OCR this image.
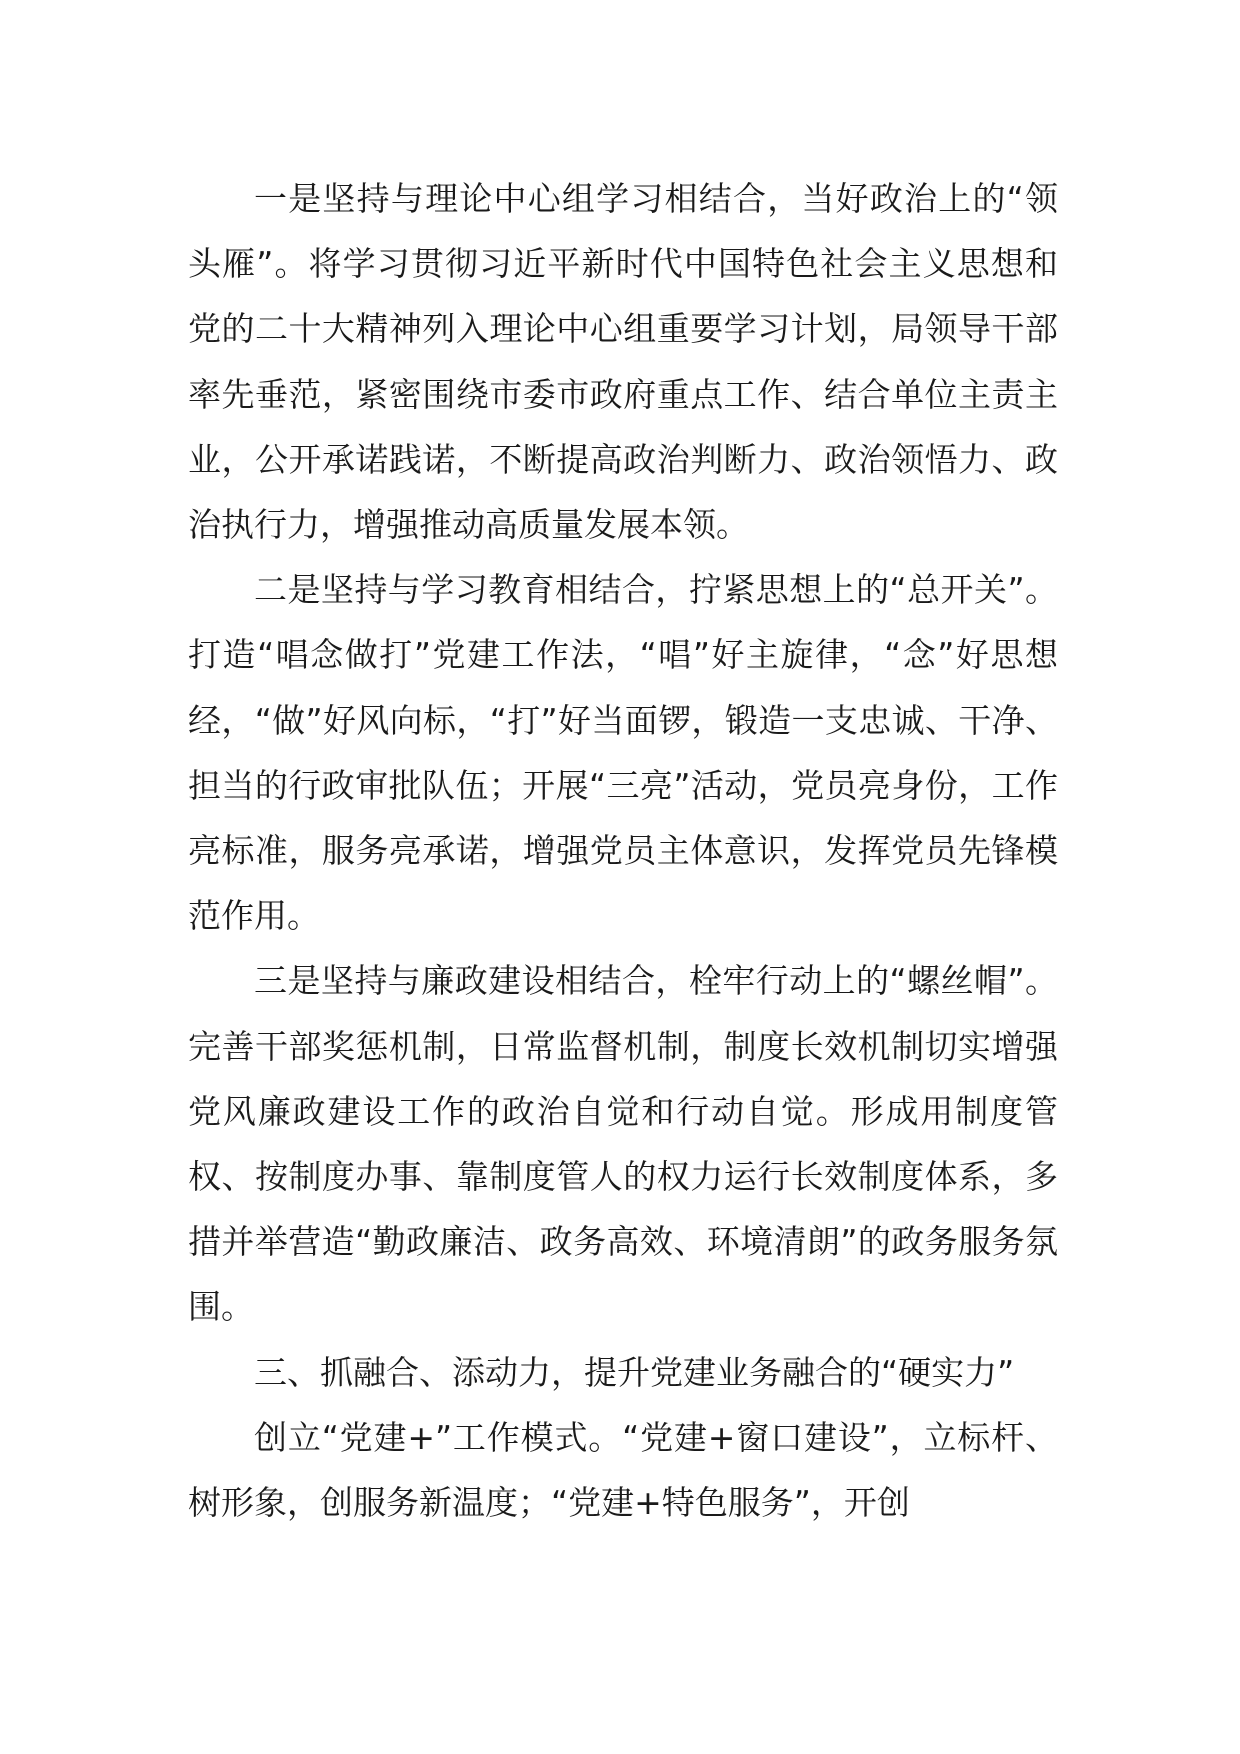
一是坚持与理论中心组学习相结合，当好政治上的“领头雁”。将学习贯彻习近平新时代中国特色社会主义思想和党的二十大精神列入理论中心组重要学习计划，局领导干部率先垂范，紧密围绕市委市政府重点工作、结合单位主责主业，公开承诺践诺，不断提高政治判断力、政治领悟力、政治执行力，增强推动高质量发展本领。

二是坚持与学习教育相结合，拧紧思想上的“总开关”。打造“唱念做打”党建工作法，“唱”好主旋律，“念”好思想经，“做”好风向标，“打”好当面锣，锻造一支忠诚、干净、担当的行政审批队伍；开展“三亮”活动，党员亮身份，工作亮标准，服务亮承诺，增强党员主体意识，发挥党员先锋模范作用。

三是坚持与廉政建设相结合，栓牢行动上的“螺丝帽”。完善干部奖惩机制，日常监督机制，制度长效机制切实增强党风廉政建设工作的政治自觉和行动自觉。形成用制度管权、按制度办事、靠制度管人的权力运行长效制度体系，多措并举营造“勤政廉洁、政务高效、环境清朗”的政务服务氛围。

三、抓融合、添动力，提升党建业务融合的“硬实力”

创立“党建+”工作模式。“党建+窗口建设”，立标杆、树形象，创服务新温度；“党建+特色服务”，开创
